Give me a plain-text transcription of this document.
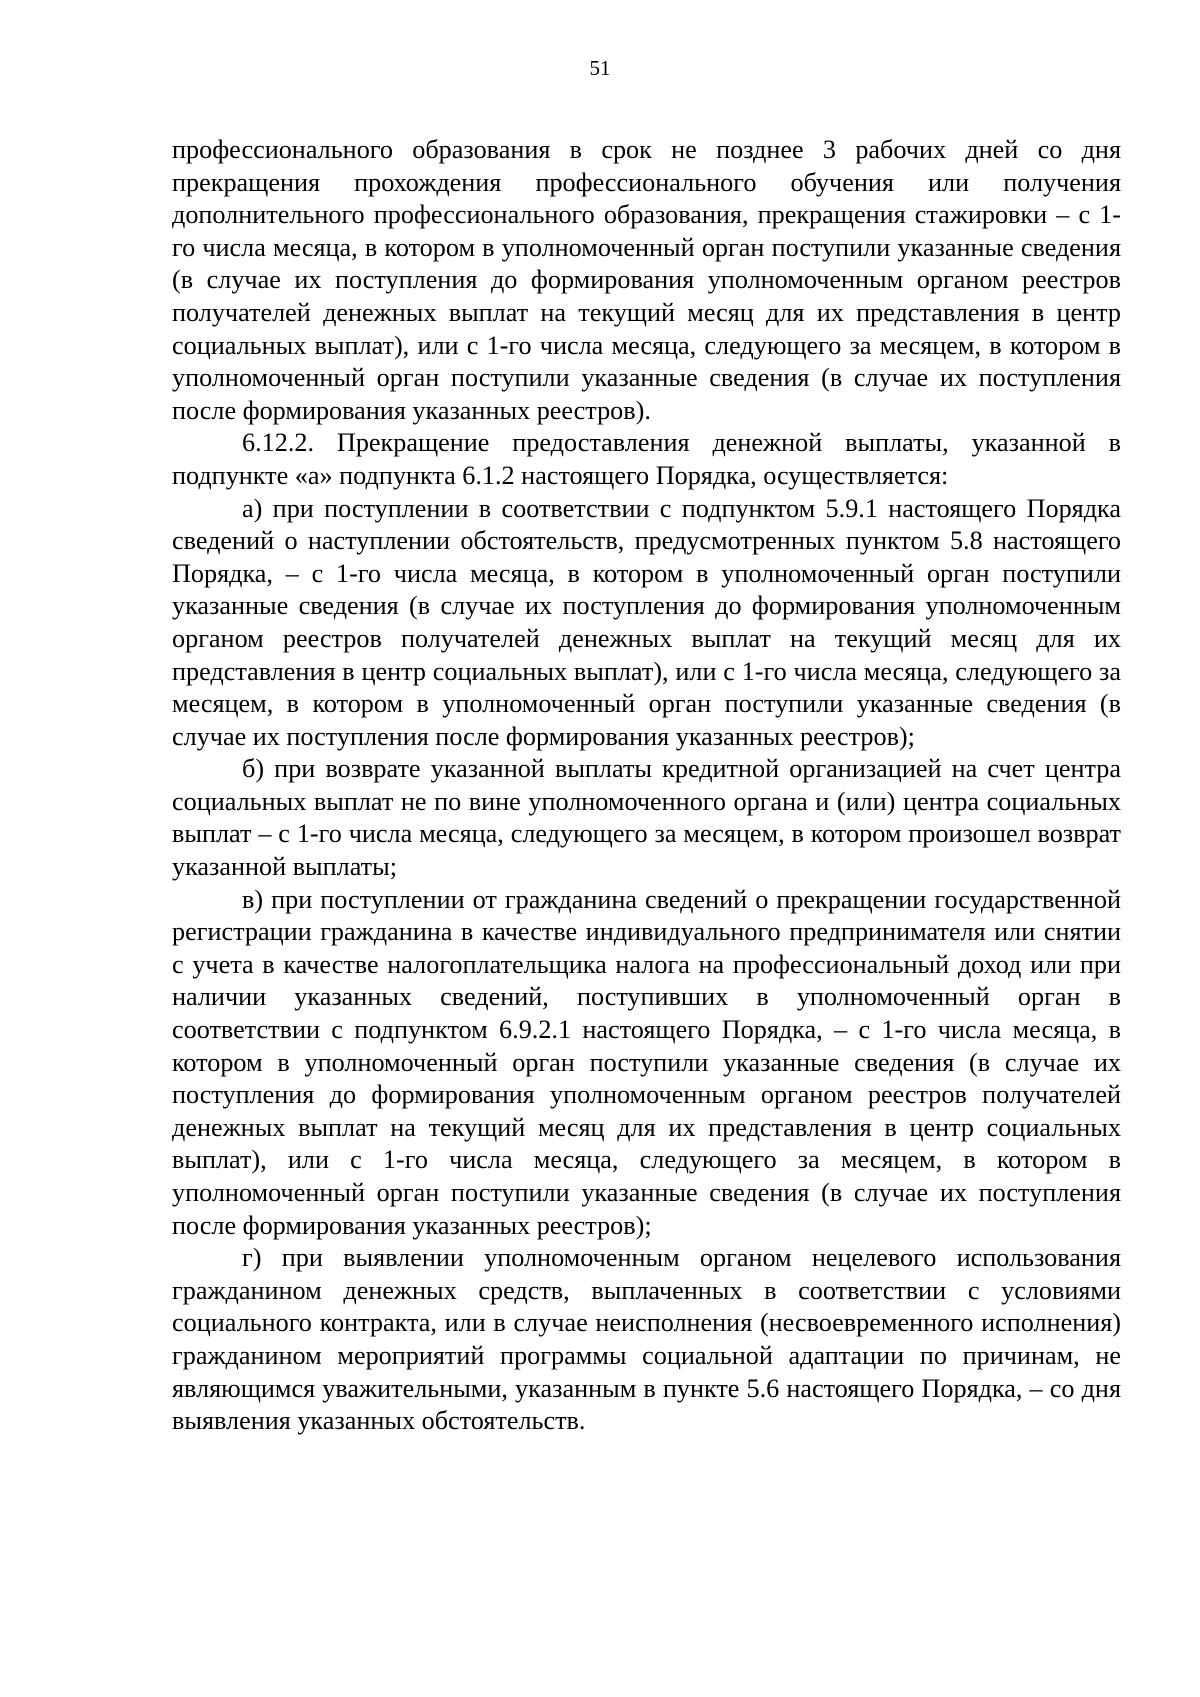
51

профессионального образования в срок не позднее 3 рабочих дней со дня прекращения прохождения профессионального обучения или получения дополнительного профессионального образования, прекращения стажировки – с 1-го числа месяца, в котором в уполномоченный орган поступили указанные сведения (в случае их поступления до формирования уполномоченным органом реестров получателей денежных выплат на текущий месяц для их представления в центр социальных выплат), или с 1-го числа месяца, следующего за месяцем, в котором в уполномоченный орган поступили указанные сведения (в случае их поступления после формирования указанных реестров).

6.12.2. Прекращение предоставления денежной выплаты, указанной в подпункте «а» подпункта 6.1.2 настоящего Порядка, осуществляется:

а) при поступлении в соответствии с подпунктом 5.9.1 настоящего Порядка сведений о наступлении обстоятельств, предусмотренных пунктом 5.8 настоящего Порядка, – с 1-го числа месяца, в котором в уполномоченный орган поступили указанные сведения (в случае их поступления до формирования уполномоченным органом реестров получателей денежных выплат на текущий месяц для их представления в центр социальных выплат), или с 1-го числа месяца, следующего за месяцем, в котором в уполномоченный орган поступили указанные сведения (в случае их поступления после формирования указанных реестров);

б) при возврате указанной выплаты кредитной организацией на счет центра социальных выплат не по вине уполномоченного органа и (или) центра социальных выплат – с 1-го числа месяца, следующего за месяцем, в котором произошел возврат указанной выплаты;

в) при поступлении от гражданина сведений о прекращении государственной регистрации гражданина в качестве индивидуального предпринимателя или снятии с учета в качестве налогоплательщика налога на профессиональный доход или при наличии указанных сведений, поступивших в уполномоченный орган в соответствии с подпунктом 6.9.2.1 настоящего Порядка, – с 1-го числа месяца, в котором в уполномоченный орган поступили указанные сведения (в случае их поступления до формирования уполномоченным органом реестров получателей денежных выплат на текущий месяц для их представления в центр социальных выплат), или с 1-го числа месяца, следующего за месяцем, в котором в уполномоченный орган поступили указанные сведения (в случае их поступления после формирования указанных реестров);

г) при выявлении уполномоченным органом нецелевого использования гражданином денежных средств, выплаченных в соответствии с условиями социального контракта, или в случае неисполнения (несвоевременного исполнения) гражданином мероприятий программы социальной адаптации по причинам, не являющимся уважительными, указанным в пункте 5.6 настоящего Порядка, – со дня выявления указанных обстоятельств.
